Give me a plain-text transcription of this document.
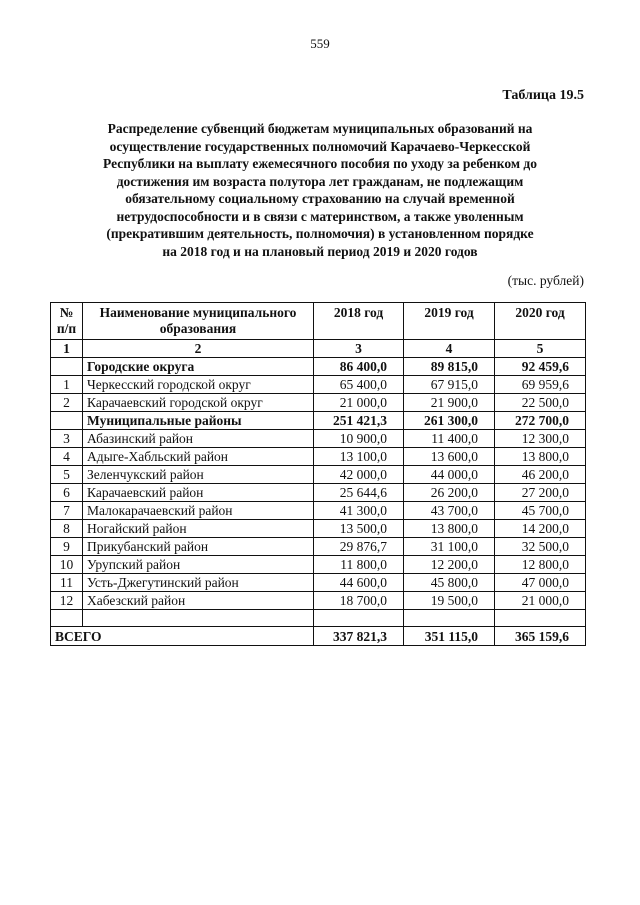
559
Таблица 19.5
Распределение субвенций бюджетам муниципальных образований на
осуществление государственных полномочий Карачаево-Черкесской
Республики на выплату ежемесячного пособия по уходу за ребенком до
достижения им возраста полутора лет гражданам, не подлежащим
обязательному социальному страхованию на случай временной
нетрудоспособности и в связи с материнством, а также уволенным
(прекратившим деятельность, полномочия) в установленном порядке
на 2018 год и на плановый период 2019 и 2020 годов
(тыс. рублей)
№ п/п	Наименование муниципального образования	2018 год	2019 год	2020 год
1	2	3	4	5
	Городские округа	86 400,0	89 815,0	92 459,6
1	Черкесский городской округ	65 400,0	67 915,0	69 959,6
2	Карачаевский городской округ	21 000,0	21 900,0	22 500,0
	Муниципальные районы	251 421,3	261 300,0	272 700,0
3	Абазинский район	10 900,0	11 400,0	12 300,0
4	Адыге-Хабльский район	13 100,0	13 600,0	13 800,0
5	Зеленчукский район	42 000,0	44 000,0	46 200,0
6	Карачаевский район	25 644,6	26 200,0	27 200,0
7	Малокарачаевский район	41 300,0	43 700,0	45 700,0
8	Ногайский район	13 500,0	13 800,0	14 200,0
9	Прикубанский район	29 876,7	31 100,0	32 500,0
10	Урупский район	11 800,0	12 200,0	12 800,0
11	Усть-Джегутинский район	44 600,0	45 800,0	47 000,0
12	Хабезский район	18 700,0	19 500,0	21 000,0

ВСЕГО		337 821,3	351 115,0	365 159,6
